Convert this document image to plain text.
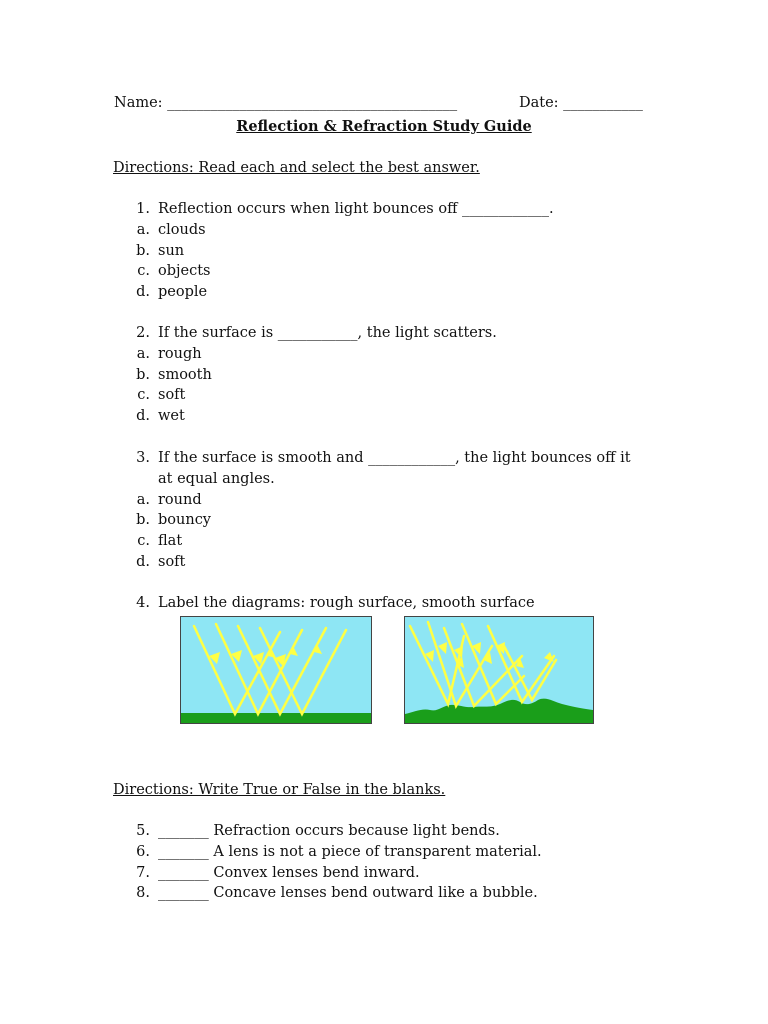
Name: ________________________________________	Date: ___________
Reflection & Refraction Study Guide
Directions: Read each and select the best answer.
1. Reflection occurs when light bounces off ____________.
a. clouds
b. sun
c. objects
d. people
2. If the surface is ___________, the light scatters.
a. rough
b. smooth
c. soft
d. wet
3. If the surface is smooth and ____________, the light bounces off it
at equal angles.
a. round
b. bouncy
c. flat
d. soft
4. Label the diagrams: rough surface, smooth surface
Directions: Write True or False in the blanks.
5. _______ Refraction occurs because light bends.
6. _______ A lens is not a piece of transparent material.
7. _______ Convex lenses bend inward.
8. _______ Concave lenses bend outward like a bubble.
